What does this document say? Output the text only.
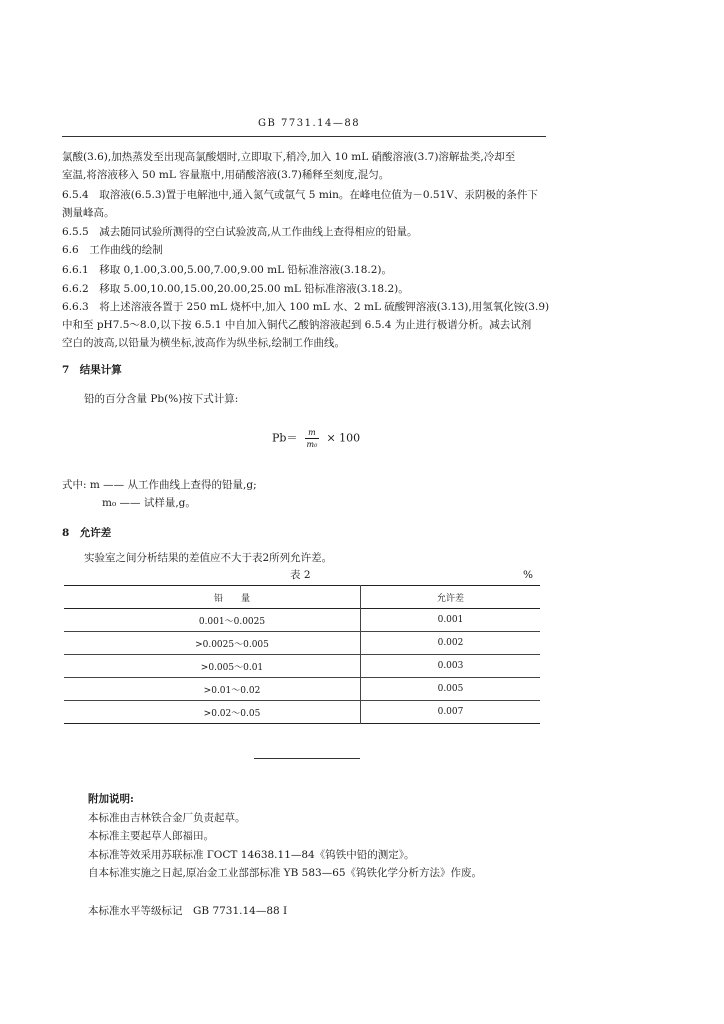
GB 7731.14—88
氯酸(3.6),加热蒸发至出现高氯酸烟时,立即取下,稍冷,加入 10 mL 硝酸溶液(3.7)溶解盐类,冷却至
室温,将溶液移入 50 mL 容量瓶中,用硝酸溶液(3.7)稀释至刻度,混匀。
6.5.4　取溶液(6.5.3)置于电解池中,通入氮气或氩气 5 min。在峰电位值为－0.51V、汞阴极的条件下
测量峰高。
6.5.5　减去随同试验所测得的空白试验波高,从工作曲线上查得相应的铅量。
6.6　工作曲线的绘制
6.6.1　移取 0,1.00,3.00,5.00,7.00,9.00 mL 铅标准溶液(3.18.2)。
6.6.2　移取 5.00,10.00,15.00,20.00,25.00 mL 铅标准溶液(3.18.2)。
6.6.3　将上述溶液各置于 250 mL 烧杯中,加入 100 mL 水、2 mL 硫酸钾溶液(3.13),用氢氧化铵(3.9)
中和至 pH7.5～8.0,以下按 6.5.1 中自加入铜代乙酸钠溶液起到 6.5.4 为止进行极谱分析。减去试剂
空白的波高,以铅量为横坐标,波高作为纵坐标,绘制工作曲线。
7　结果计算
铅的百分含量 Pb(%)按下式计算:
$Pb= \frac{m}{\text{m₀}} \times 100$
式中: m —— 从工作曲线上查得的铅量,g;
m₀ —— 试样量,g。
8　允许差
实验室之间分析结果的差值应不大于表2所列允许差。
表 2	%
铅　　量	允许差
0.001～0.0025	0.001
>0.0025～0.005	0.002
>0.005～0.01	0.003
>0.01～0.02	0.005
>0.02～0.05	0.007
附加说明:
本标准由吉林铁合金厂负责起草。
本标准主要起草人郎福田。
本标准等效采用苏联标准 ГОСТ 14638.11—84《钨铁中铅的测定》。
自本标准实施之日起,原冶金工业部部标准 YB 583—65《钨铁化学分析方法》作废。
本标准水平等级标记　GB 7731.14—88 I
